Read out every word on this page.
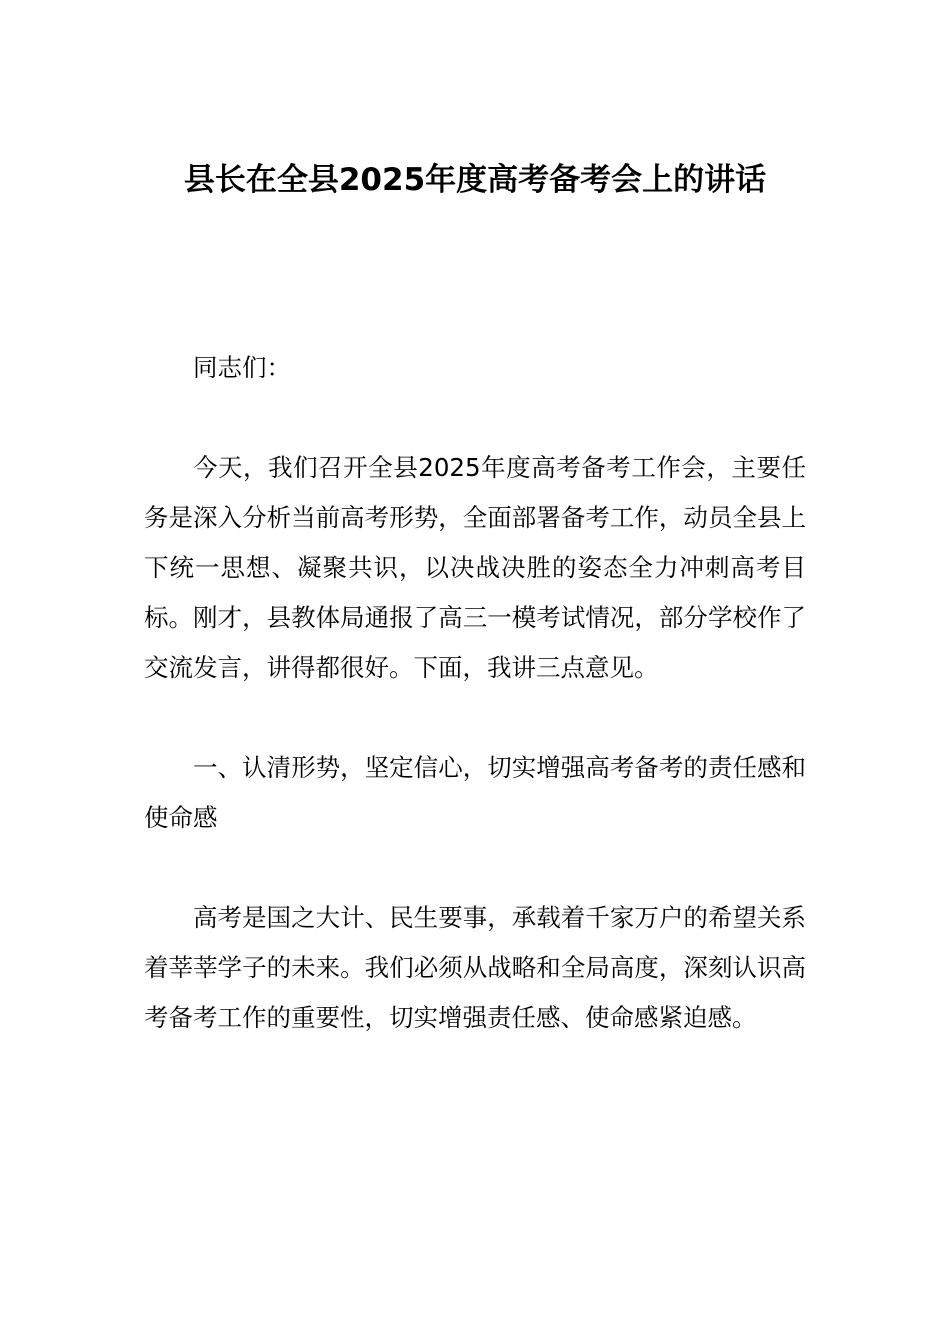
县长在全县2025年度高考备考会上的讲话

同志们：

今天，我们召开全县2025年度高考备考工作会，主要任务是深入分析当前高考形势，全面部署备考工作，动员全县上下统一思想、凝聚共识，以决战决胜的姿态全力冲刺高考目标。刚才，县教体局通报了高三一模考试情况，部分学校作了交流发言，讲得都很好。下面，我讲三点意见。

一、认清形势，坚定信心，切实增强高考备考的责任感和使命感

高考是国之大计、民生要事，承载着千家万户的希望关系着莘莘学子的未来。我们必须从战略和全局高度，深刻认识高考备考工作的重要性，切实增强责任感、使命感紧迫感。
